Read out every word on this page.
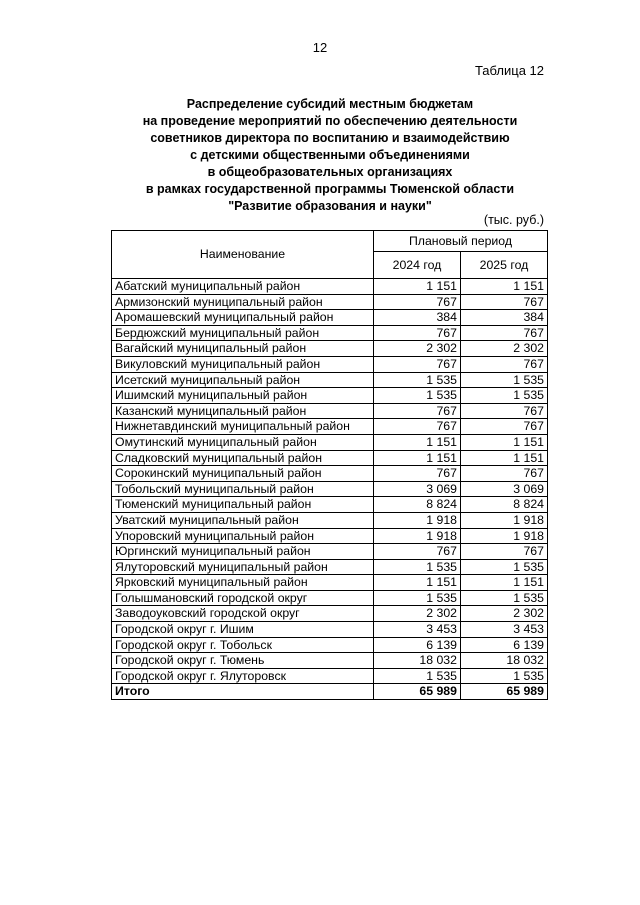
12
Таблица 12
Распределение субсидий местным бюджетам
на проведение мероприятий по обеспечению деятельности
советников директора по воспитанию и взаимодействию
с детскими общественными объединениями
в общеобразовательных организациях
в рамках государственной программы Тюменской области
"Развитие образования и науки"
(тыс. руб.)
Наименование	Плановый период	
	2024 год	2025 год
Абатский муниципальный район	1 151	1 151
Армизонский муниципальный район	767	767
Аромашевский муниципальный район	384	384
Бердюжский муниципальный район	767	767
Вагайский муниципальный район	2 302	2 302
Викуловский муниципальный район	767	767
Исетский муниципальный район	1 535	1 535
Ишимский муниципальный район	1 535	1 535
Казанский муниципальный район	767	767
Нижнетавдинский муниципальный район	767	767
Омутинский муниципальный район	1 151	1 151
Сладковский муниципальный район	1 151	1 151
Сорокинский муниципальный район	767	767
Тобольский муниципальный район	3 069	3 069
Тюменский муниципальный район	8 824	8 824
Уватский муниципальный район	1 918	1 918
Упоровский муниципальный район	1 918	1 918
Юргинский муниципальный район	767	767
Ялуторовский муниципальный район	1 535	1 535
Ярковский муниципальный район	1 151	1 151
Голышмановский городской округ	1 535	1 535
Заводоуковский городской округ	2 302	2 302
Городской округ г. Ишим	3 453	3 453
Городской округ г. Тобольск	6 139	6 139
Городской округ г. Тюмень	18 032	18 032
Городской округ г. Ялуторовск	1 535	1 535
Итого	65 989	65 989
